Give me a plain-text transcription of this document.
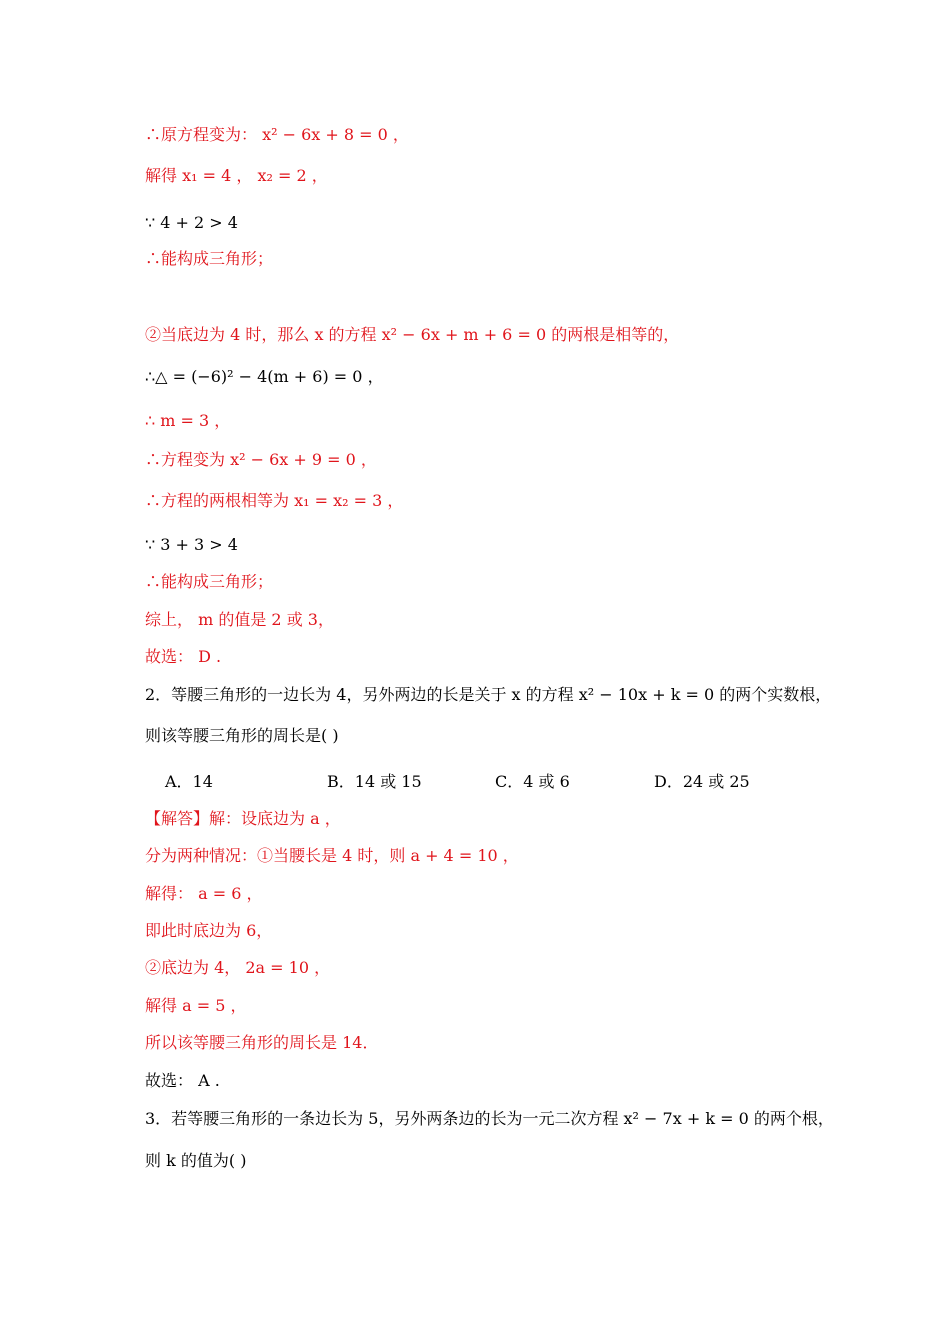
∴原方程变为： x² − 6x + 8 = 0 ，
解得 x₁ = 4 ， x₂ = 2 ，
∵ 4 + 2 > 4
∴能构成三角形；
②当底边为 4 时，那么 x 的方程 x² − 6x + m + 6 = 0 的两根是相等的，
∴△ = (−6)² − 4(m + 6) = 0 ，
∴ m = 3 ，
∴方程变为 x² − 6x + 9 = 0 ，
∴方程的两根相等为 x₁ = x₂ = 3 ，
∵ 3 + 3 > 4
∴能构成三角形；
综上， m 的值是 2 或 3，
故选： D .
2．等腰三角形的一边长为 4，另外两边的长是关于 x 的方程 x² − 10x + k = 0 的两个实数根，
则该等腰三角形的周长是( )
A．14	B．14 或 15	C．4 或 6	D．24 或 25
【解答】解：设底边为 a ，
分为两种情况：①当腰长是 4 时，则 a + 4 = 10 ，
解得： a = 6 ，
即此时底边为 6，
②底边为 4， 2a = 10 ，
解得 a = 5 ，
所以该等腰三角形的周长是 14．
故选： A .
3．若等腰三角形的一条边长为 5，另外两条边的长为一元二次方程 x² − 7x + k = 0 的两个根，
则 k 的值为( )
